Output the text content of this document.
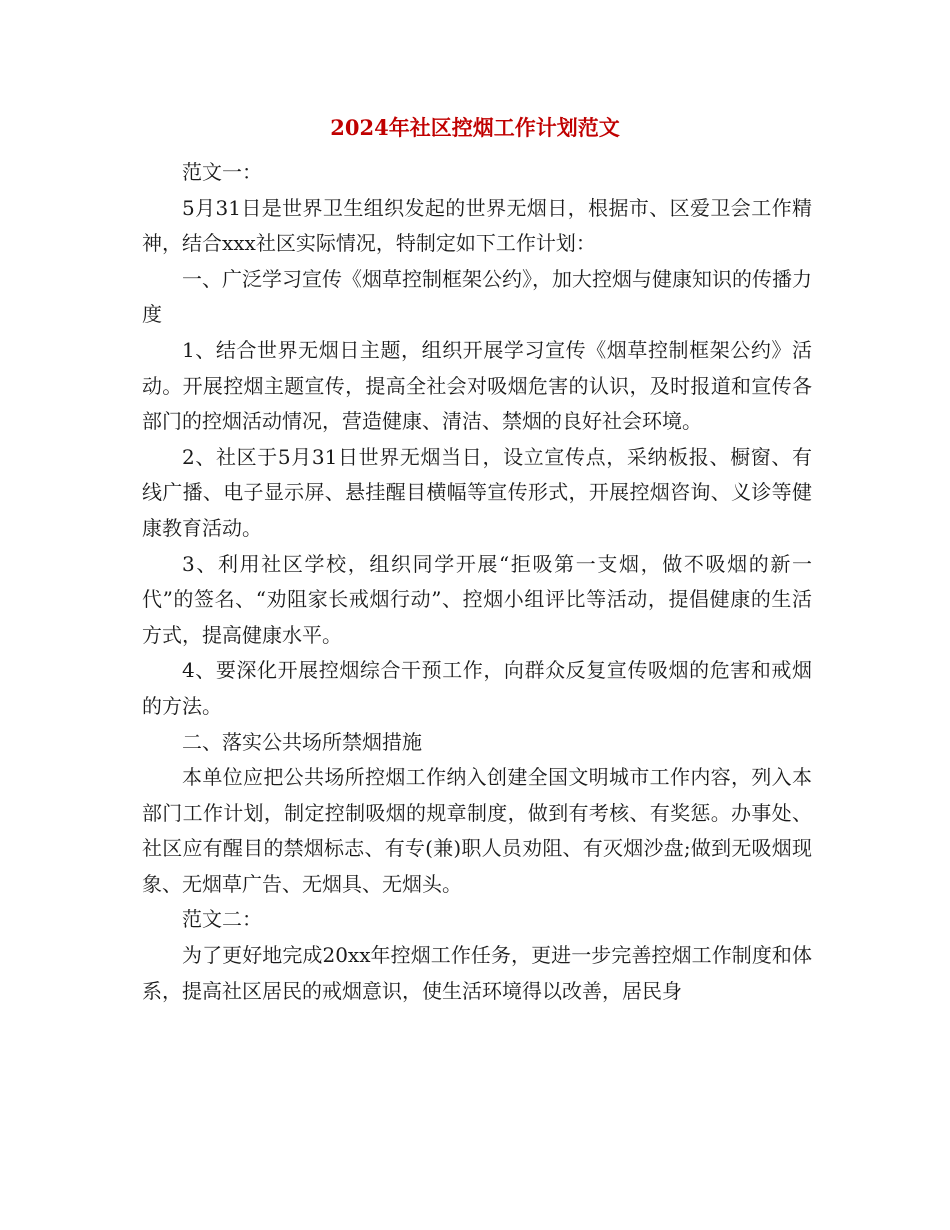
2024年社区控烟工作计划范文

范文一：

5月31日是世界卫生组织发起的世界无烟日，根据市、区爱卫会工作精神，结合xxx社区实际情况，特制定如下工作计划：

一、广泛学习宣传《烟草控制框架公约》，加大控烟与健康知识的传播力度

1、结合世界无烟日主题，组织开展学习宣传《烟草控制框架公约》活动。开展控烟主题宣传，提高全社会对吸烟危害的认识，及时报道和宣传各部门的控烟活动情况，营造健康、清洁、禁烟的良好社会环境。

2、社区于5月31日世界无烟当日，设立宣传点，采纳板报、橱窗、有线广播、电子显示屏、悬挂醒目横幅等宣传形式，开展控烟咨询、义诊等健康教育活动。

3、利用社区学校，组织同学开展“拒吸第一支烟，做不吸烟的新一代”的签名、“劝阻家长戒烟行动”、控烟小组评比等活动，提倡健康的生活方式，提高健康水平。

4、要深化开展控烟综合干预工作，向群众反复宣传吸烟的危害和戒烟的方法。

二、落实公共场所禁烟措施

本单位应把公共场所控烟工作纳入创建全国文明城市工作内容，列入本部门工作计划，制定控制吸烟的规章制度，做到有考核、有奖惩。办事处、社区应有醒目的禁烟标志、有专(兼)职人员劝阻、有灭烟沙盘;做到无吸烟现象、无烟草广告、无烟具、无烟头。

范文二：

为了更好地完成20xx年控烟工作任务，更进一步完善控烟工作制度和体系，提高社区居民的戒烟意识，使生活环境得以改善，居民身
